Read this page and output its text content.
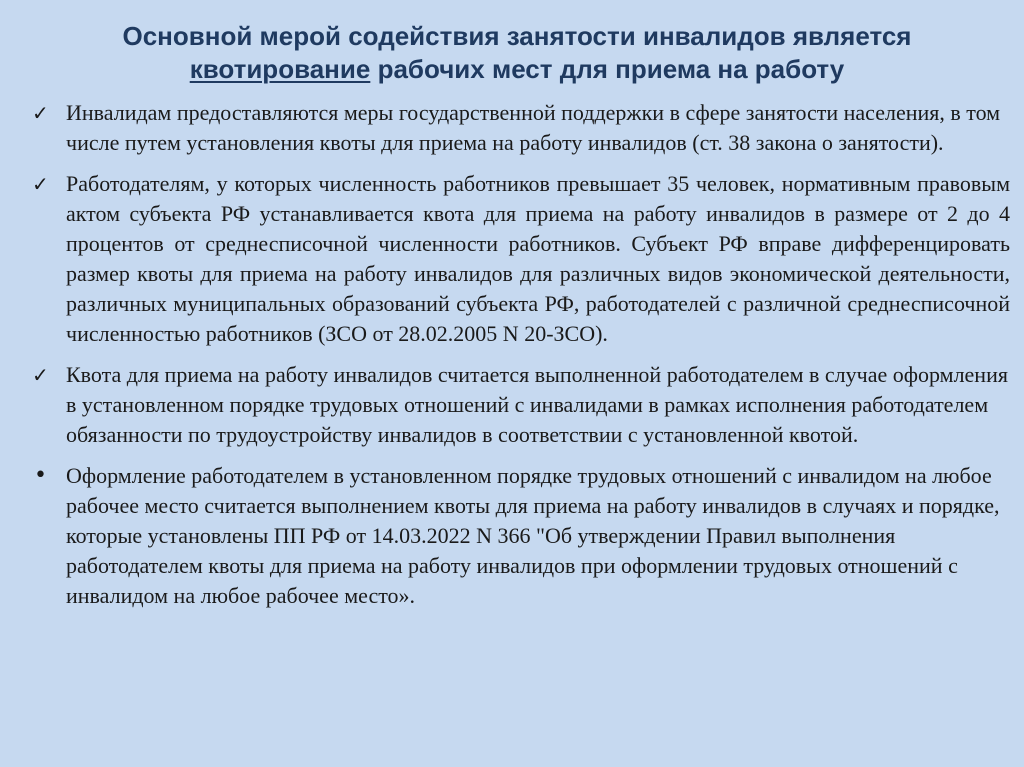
Основной мерой содействия занятости инвалидов является
квотирование рабочих мест для приема на работу
✓ Инвалидам предоставляются меры государственной поддержки в сфере занятости населения, в том числе путем установления квоты для приема на работу инвалидов (ст. 38 закона о занятости).
✓ Работодателям, у которых численность работников превышает 35 человек, нормативным правовым актом субъекта РФ устанавливается квота для приема на работу инвалидов в размере от 2 до 4 процентов от среднесписочной численности работников. Субъект РФ вправе дифференцировать размер квоты для приема на работу инвалидов для различных видов экономической деятельности, различных муниципальных образований субъекта РФ, работодателей с различной среднесписочной численностью работников (ЗСО от 28.02.2005 N 20-ЗСО).
✓ Квота для приема на работу инвалидов считается выполненной работодателем в случае оформления в установленном порядке трудовых отношений с инвалидами в рамках исполнения работодателем обязанности по трудоустройству инвалидов в соответствии с установленной квотой.
• Оформление работодателем в установленном порядке трудовых отношений с инвалидом на любое рабочее место считается выполнением квоты для приема на работу инвалидов в случаях и порядке, которые установлены ПП РФ от 14.03.2022 N 366 "Об утверждении Правил выполнения работодателем квоты для приема на работу инвалидов при оформлении трудовых отношений с инвалидом на любое рабочее место».
